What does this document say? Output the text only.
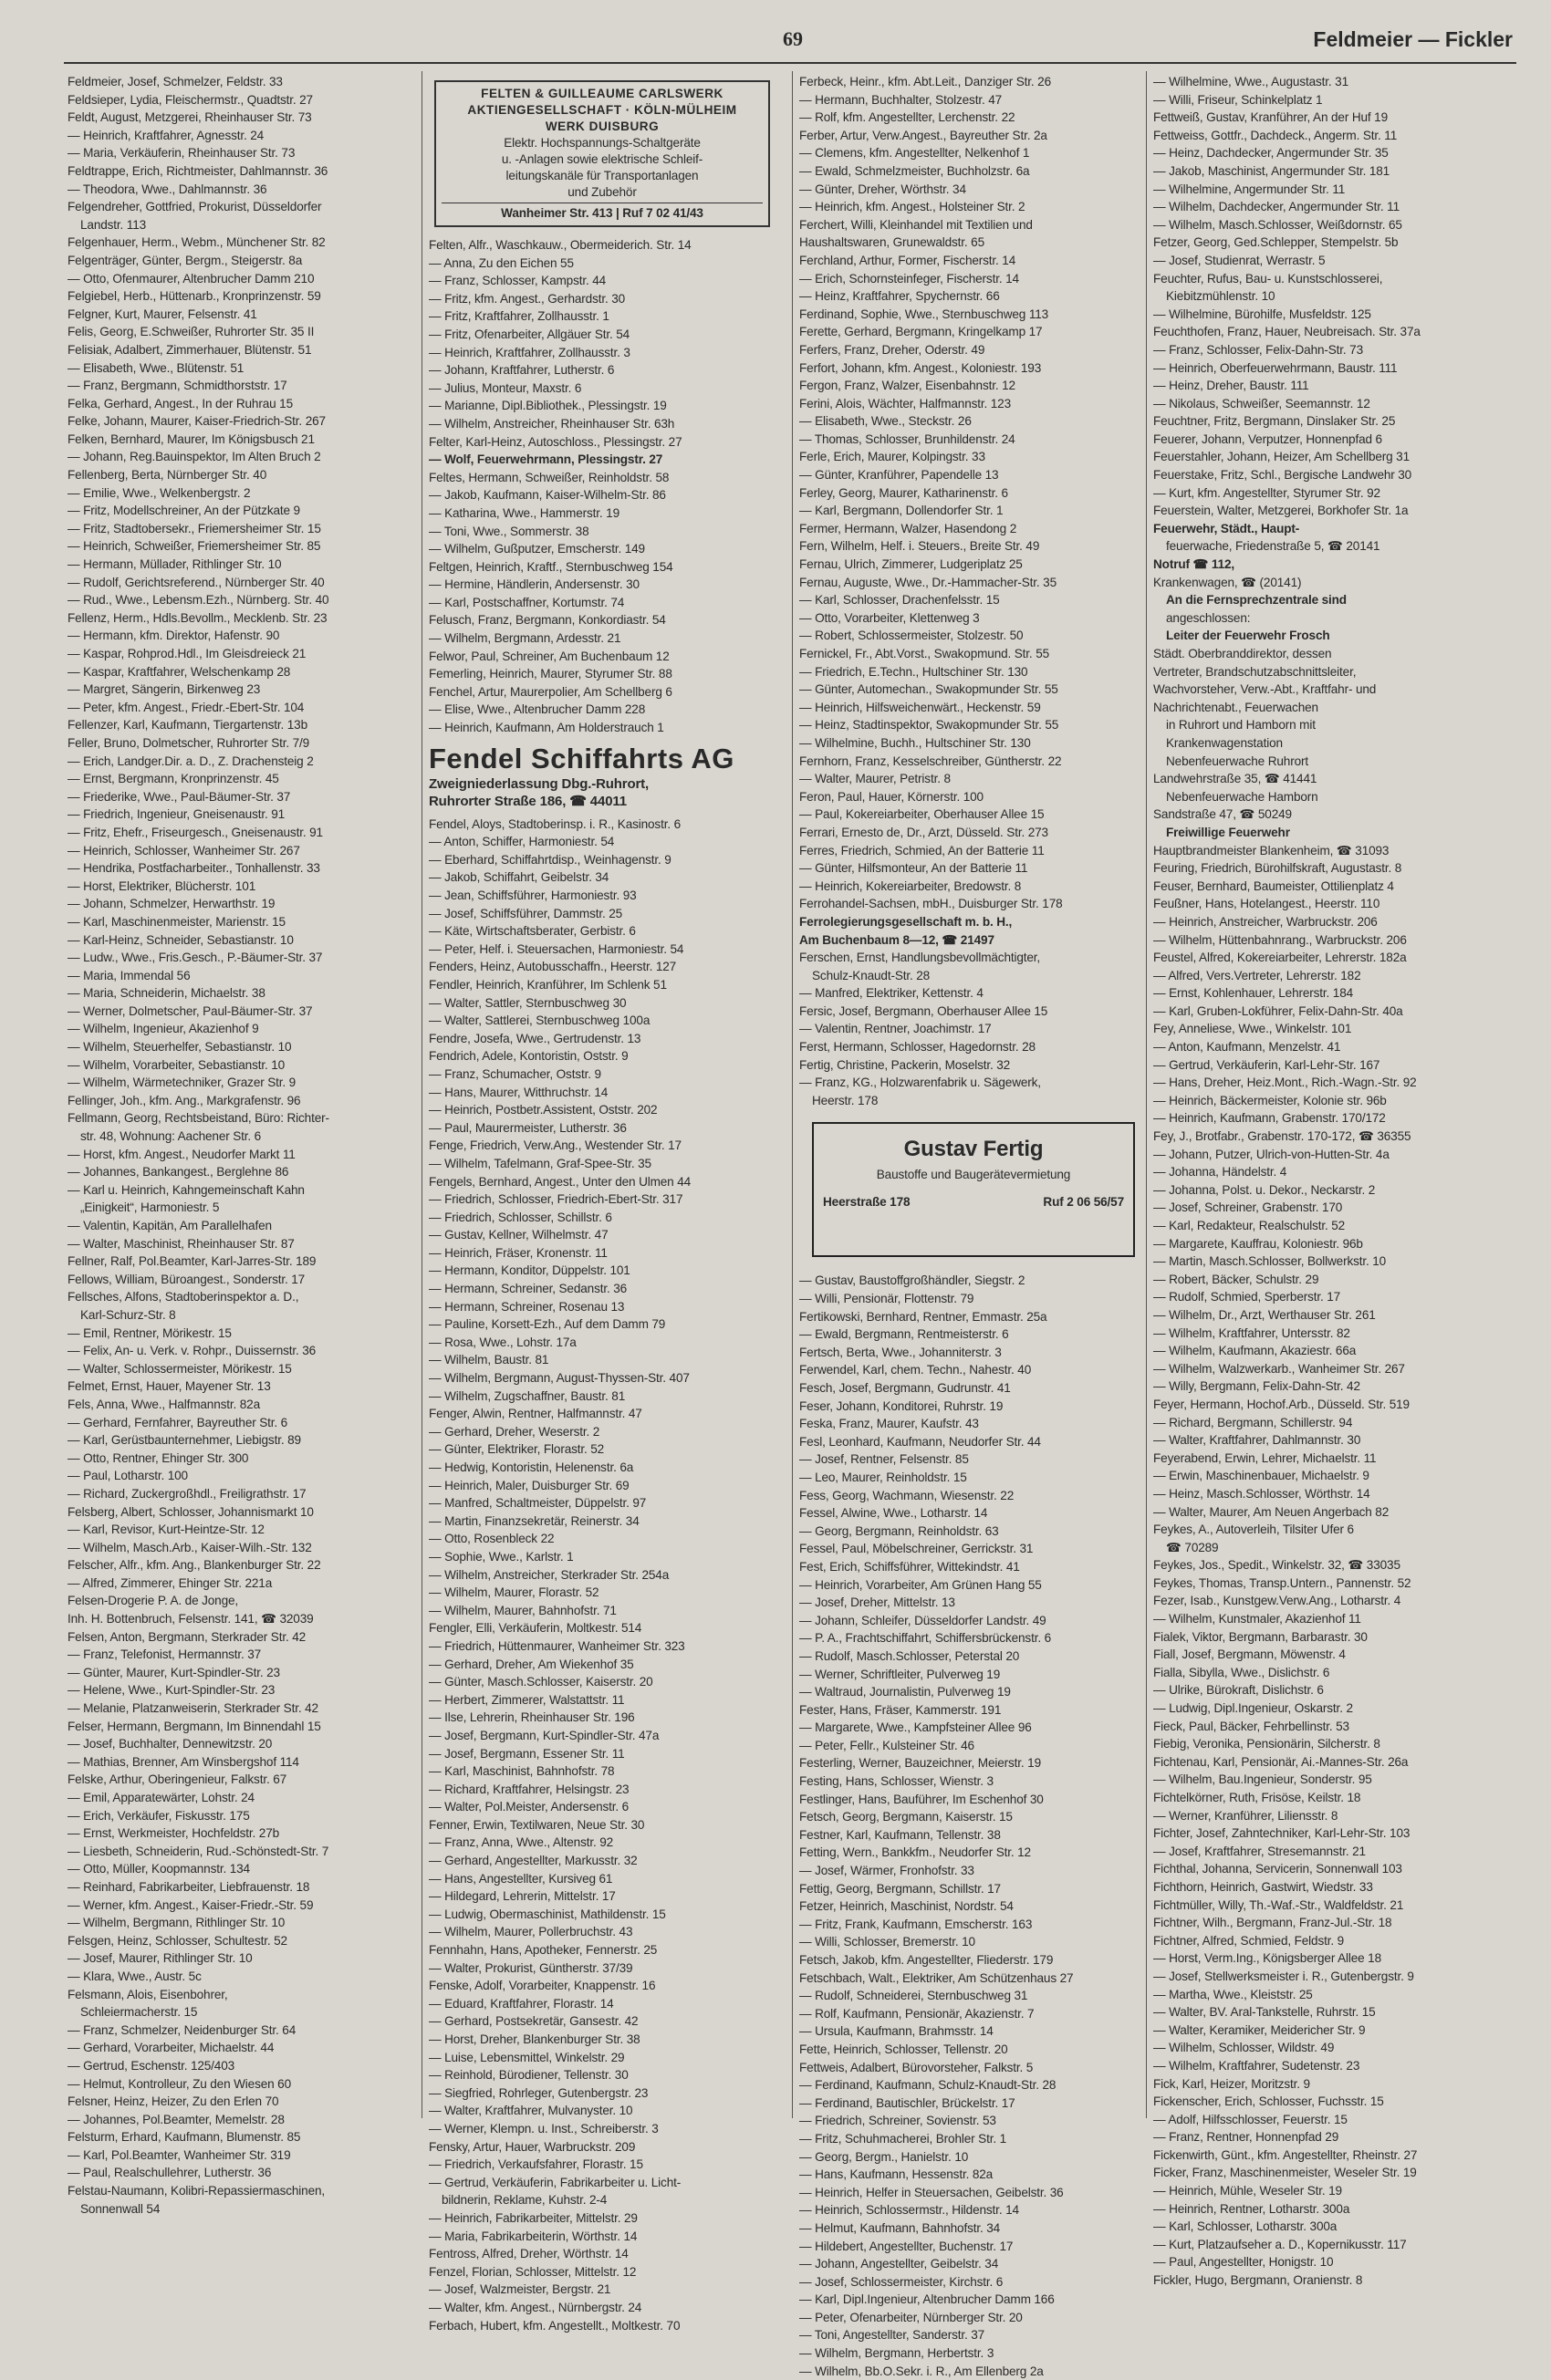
69	Feldmeier — Fickler
Feldmeier, Josef, Schmelzer, Feldstr. 33
Feldsieper, Lydia, Fleischermstr., Quadtstr. 27
Feldt, August, Metzgerei, Rheinhauser Str. 73
— Heinrich, Kraftfahrer, Agnesstr. 24
— Maria, Verkäuferin, Rheinhauser Str. 73
Feldtrappe, Erich, Richtmeister, Dahlmannstr. 36
— Theodora, Wwe., Dahlmannstr. 36
Felgendreher, Gottfried, Prokurist, Düsseldorfer
Landstr. 113
Felgenhauer, Herm., Webm., Münchener Str. 82
Felgenträger, Günter, Bergm., Steigerstr. 8a
— Otto, Ofenmaurer, Altenbrucher Damm 210
Felgiebel, Herb., Hüttenarb., Kronprinzenstr. 59
Felgner, Kurt, Maurer, Felsenstr. 41
Felis, Georg, E.Schweißer, Ruhrorter Str. 35 II
Felisiak, Adalbert, Zimmerhauer, Blütenstr. 51
— Elisabeth, Wwe., Blütenstr. 51
— Franz, Bergmann, Schmidthorststr. 17
Felka, Gerhard, Angest., In der Ruhrau 15
Felke, Johann, Maurer, Kaiser-Friedrich-Str. 267
Felken, Bernhard, Maurer, Im Königsbusch 21
— Johann, Reg.Bauinspektor, Im Alten Bruch 2
Fellenberg, Berta, Nürnberger Str. 40
— Emilie, Wwe., Welkenbergstr. 2
— Fritz, Modellschreiner, An der Pützkate 9
— Fritz, Stadtobersekr., Friemersheimer Str. 15
— Heinrich, Schweißer, Friemersheimer Str. 85
— Hermann, Müllader, Rithlinger Str. 10
— Rudolf, Gerichtsreferend., Nürnberger Str. 40
— Rud., Wwe., Lebensm.Ezh., Nürnberg. Str. 40
Fellenz, Herm., Hdls.Bevollm., Mecklenb. Str. 23
— Hermann, kfm. Direktor, Hafenstr. 90
— Kaspar, Rohprod.Hdl., Im Gleisdreieck 21
— Kaspar, Kraftfahrer, Welschenkamp 28
— Margret, Sängerin, Birkenweg 23
— Peter, kfm. Angest., Friedr.-Ebert-Str. 104
Fellenzer, Karl, Kaufmann, Tiergartenstr. 13b
Feller, Bruno, Dolmetscher, Ruhrorter Str. 7/9
— Erich, Landger.Dir. a. D., Z. Drachensteig 2
— Ernst, Bergmann, Kronprinzenstr. 45
— Friederike, Wwe., Paul-Bäumer-Str. 37
— Friedrich, Ingenieur, Gneisenaustr. 91
— Fritz, Ehefr., Friseurgesch., Gneisenaustr. 91
— Heinrich, Schlosser, Wanheimer Str. 267
— Hendrika, Postfacharbeiter., Tonhallenstr. 33
— Horst, Elektriker, Blücherstr. 101
— Johann, Schmelzer, Herwarthstr. 19
— Karl, Maschinenmeister, Marienstr. 15
— Karl-Heinz, Schneider, Sebastianstr. 10
— Ludw., Wwe., Fris.Gesch., P.-Bäumer-Str. 37
— Maria, Immendal 56
— Maria, Schneiderin, Michaelstr. 38
— Werner, Dolmetscher, Paul-Bäumer-Str. 37
— Wilhelm, Ingenieur, Akazienhof 9
— Wilhelm, Steuerhelfer, Sebastianstr. 10
— Wilhelm, Vorarbeiter, Sebastianstr. 10
— Wilhelm, Wärmetechniker, Grazer Str. 9
Fellinger, Joh., kfm. Ang., Markgrafenstr. 96
Fellmann, Georg, Rechtsbeistand, Büro: Richter-
str. 48, Wohnung: Aachener Str. 6
— Horst, kfm. Angest., Neudorfer Markt 11
— Johannes, Bankangest., Berglehne 86
— Karl u. Heinrich, Kahngemeinschaft Kahn
„Einigkeit“, Harmoniestr. 5
— Valentin, Kapitän, Am Parallelhafen
— Walter, Maschinist, Rheinhauser Str. 87
Fellner, Ralf, Pol.Beamter, Karl-Jarres-Str. 189
Fellows, William, Büroangest., Sonderstr. 17
Fellsches, Alfons, Stadtoberinspektor a. D.,
Karl-Schurz-Str. 8
— Emil, Rentner, Mörikestr. 15
— Felix, An- u. Verk. v. Rohpr., Duissernstr. 36
— Walter, Schlossermeister, Mörikestr. 15
Felmet, Ernst, Hauer, Mayener Str. 13
Fels, Anna, Wwe., Halfmannstr. 82a
— Gerhard, Fernfahrer, Bayreuther Str. 6
— Karl, Gerüstbaunternehmer, Liebigstr. 89
— Otto, Rentner, Ehinger Str. 300
— Paul, Lotharstr. 100
— Richard, Zuckergroßhdl., Freiligrathstr. 17
Felsberg, Albert, Schlosser, Johannismarkt 10
— Karl, Revisor, Kurt-Heintze-Str. 12
— Wilhelm, Masch.Arb., Kaiser-Wilh.-Str. 132
Felscher, Alfr., kfm. Ang., Blankenburger Str. 22
— Alfred, Zimmerer, Ehinger Str. 221a
Felsen-Drogerie P. A. de Jonge,
Inh. H. Bottenbruch, Felsenstr. 141, ☎ 32039
Felsen, Anton, Bergmann, Sterkrader Str. 42
— Franz, Telefonist, Hermannstr. 37
— Günter, Maurer, Kurt-Spindler-Str. 23
— Helene, Wwe., Kurt-Spindler-Str. 23
— Melanie, Platzanweiserin, Sterkrader Str. 42
Felser, Hermann, Bergmann, Im Binnendahl 15
— Josef, Buchhalter, Dennewitzstr. 20
— Mathias, Brenner, Am Winsbergshof 114
Felske, Arthur, Oberingenieur, Falkstr. 67
— Emil, Apparatewärter, Lohstr. 24
— Erich, Verkäufer, Fiskusstr. 175
— Ernst, Werkmeister, Hochfeldstr. 27b
— Liesbeth, Schneiderin, Rud.-Schönstedt-Str. 7
— Otto, Müller, Koopmannstr. 134
— Reinhard, Fabrikarbeiter, Liebfrauenstr. 18
— Werner, kfm. Angest., Kaiser-Friedr.-Str. 59
— Wilhelm, Bergmann, Rithlinger Str. 10
Felsgen, Heinz, Schlosser, Schultestr. 52
— Josef, Maurer, Rithlinger Str. 10
— Klara, Wwe., Austr. 5c
Felsmann, Alois, Eisenbohrer,
Schleiermacherstr. 15
— Franz, Schmelzer, Neidenburger Str. 64
— Gerhard, Vorarbeiter, Michaelstr. 44
— Gertrud, Eschenstr. 125/403
— Helmut, Kontrolleur, Zu den Wiesen 60
Felsner, Heinz, Heizer, Zu den Erlen 70
— Johannes, Pol.Beamter, Memelstr. 28
Felsturm, Erhard, Kaufmann, Blumenstr. 85
— Karl, Pol.Beamter, Wanheimer Str. 319
— Paul, Realschullehrer, Lutherstr. 36
Felstau-Naumann, Kolibri-Repassiermaschinen,
Sonnenwall 54
FELTEN & GUILLEAUME CARLSWERK
AKTIENGESELLSCHAFT · KÖLN-MÜLHEIM
WERK DUISBURG
Elektr. Hochspannungs-Schaltgeräte
u. -Anlagen sowie elektrische Schleif-
leitungskanäle für Transportanlagen
und Zubehör
Wanheimer Str. 413 | Ruf 7 02 41/43
Felten, Alfr., Waschkauw., Obermeiderich. Str. 14
— Anna, Zu den Eichen 55
— Franz, Schlosser, Kampstr. 44
— Fritz, kfm. Angest., Gerhardstr. 30
— Fritz, Kraftfahrer, Zollhausstr. 1
— Fritz, Ofenarbeiter, Allgäuer Str. 54
— Heinrich, Kraftfahrer, Zollhausstr. 3
— Johann, Kraftfahrer, Lutherstr. 6
— Julius, Monteur, Maxstr. 6
— Marianne, Dipl.Bibliothek., Plessingstr. 19
— Wilhelm, Anstreicher, Rheinhauser Str. 63h
Felter, Karl-Heinz, Autoschloss., Plessingstr. 27
— Wolf, Feuerwehrmann, Plessingstr. 27
Feltes, Hermann, Schweißer, Reinholdstr. 58
— Jakob, Kaufmann, Kaiser-Wilhelm-Str. 86
— Katharina, Wwe., Hammerstr. 19
— Toni, Wwe., Sommerstr. 38
— Wilhelm, Gußputzer, Emscherstr. 149
Feltgen, Heinrich, Kraftf., Sternbuschweg 154
— Hermine, Händlerin, Andersenstr. 30
— Karl, Postschaffner, Kortumstr. 74
Felusch, Franz, Bergmann, Konkordiastr. 54
— Wilhelm, Bergmann, Ardesstr. 21
Felwor, Paul, Schreiner, Am Buchenbaum 12
Femerling, Heinrich, Maurer, Styrumer Str. 88
Fenchel, Artur, Maurerpolier, Am Schellberg 6
— Elise, Wwe., Altenbrucher Damm 228
— Heinrich, Kaufmann, Am Holderstrauch 1
Fendel Schiffahrts AG
Zweigniederlassung Dbg.-Ruhrort,
Ruhrorter Straße 186, ☎ 44011
Fendel, Aloys, Stadtoberinsp. i. R., Kasinostr. 6
— Anton, Schiffer, Harmoniestr. 54
— Eberhard, Schiffahrtdisp., Weinhagenstr. 9
— Jakob, Schiffahrt, Geibelstr. 34
— Jean, Schiffsführer, Harmoniestr. 93
— Josef, Schiffsführer, Dammstr. 25
— Käte, Wirtschaftsberater, Gerbistr. 6
— Peter, Helf. i. Steuersachen, Harmoniestr. 54
Fenders, Heinz, Autobusschaffn., Heerstr. 127
Fendler, Heinrich, Kranführer, Im Schlenk 51
— Walter, Sattler, Sternbuschweg 30
— Walter, Sattlerei, Sternbuschweg 100a
Fendre, Josefa, Wwe., Gertrudenstr. 13
Fendrich, Adele, Kontoristin, Oststr. 9
— Franz, Schumacher, Oststr. 9
— Hans, Maurer, Witthruchstr. 14
— Heinrich, Postbetr.Assistent, Oststr. 202
— Paul, Maurermeister, Lutherstr. 36
Fenge, Friedrich, Verw.Ang., Westender Str. 17
— Wilhelm, Tafelmann, Graf-Spee-Str. 35
Fengels, Bernhard, Angest., Unter den Ulmen 44
— Friedrich, Schlosser, Friedrich-Ebert-Str. 317
— Friedrich, Schlosser, Schillstr. 6
— Gustav, Kellner, Wilhelmstr. 47
— Heinrich, Fräser, Kronenstr. 11
— Hermann, Konditor, Düppelstr. 101
— Hermann, Schreiner, Sedanstr. 36
— Hermann, Schreiner, Rosenau 13
— Pauline, Korsett-Ezh., Auf dem Damm 79
— Rosa, Wwe., Lohstr. 17a
— Wilhelm, Baustr. 81
— Wilhelm, Bergmann, August-Thyssen-Str. 407
— Wilhelm, Zugschaffner, Baustr. 81
Fenger, Alwin, Rentner, Halfmannstr. 47
— Gerhard, Dreher, Weserstr. 2
— Günter, Elektriker, Florastr. 52
— Hedwig, Kontoristin, Helenenstr. 6a
— Heinrich, Maler, Duisburger Str. 69
— Manfred, Schaltmeister, Düppelstr. 97
— Martin, Finanzsekretär, Reinerstr. 34
— Otto, Rosenbleck 22
— Sophie, Wwe., Karlstr. 1
— Wilhelm, Anstreicher, Sterkrader Str. 254a
— Wilhelm, Maurer, Florastr. 52
— Wilhelm, Maurer, Bahnhofstr. 71
Fengler, Elli, Verkäuferin, Moltkestr. 514
— Friedrich, Hüttenmaurer, Wanheimer Str. 323
— Gerhard, Dreher, Am Wiekenhof 35
— Günter, Masch.Schlosser, Kaiserstr. 20
— Herbert, Zimmerer, Walstattstr. 11
— Ilse, Lehrerin, Rheinhauser Str. 196
— Josef, Bergmann, Kurt-Spindler-Str. 47a
— Josef, Bergmann, Essener Str. 11
— Karl, Maschinist, Bahnhofstr. 78
— Richard, Kraftfahrer, Helsingstr. 23
— Walter, Pol.Meister, Andersenstr. 6
Fenner, Erwin, Textilwaren, Neue Str. 30
— Franz, Anna, Wwe., Altenstr. 92
— Gerhard, Angestellter, Markusstr. 32
— Hans, Angestellter, Kursiveg 61
— Hildegard, Lehrerin, Mittelstr. 17
— Ludwig, Obermaschinist, Mathildenstr. 15
— Wilhelm, Maurer, Pollerbruchstr. 43
Fennhahn, Hans, Apotheker, Fennerstr. 25
— Walter, Prokurist, Güntherstr. 37/39
Fenske, Adolf, Vorarbeiter, Knappenstr. 16
— Eduard, Kraftfahrer, Florastr. 14
— Gerhard, Postsekretär, Gansestr. 42
— Horst, Dreher, Blankenburger Str. 38
— Luise, Lebensmittel, Winkelstr. 29
— Reinhold, Bürodiener, Tellenstr. 30
— Siegfried, Rohrleger, Gutenbergstr. 23
— Walter, Kraftfahrer, Mulvanyster. 10
— Werner, Klempn. u. Inst., Schreiberstr. 3
Fensky, Artur, Hauer, Warbruckstr. 209
— Friedrich, Verkaufsfahrer, Florastr. 15
— Gertrud, Verkäuferin, Fabrikarbeiter u. Licht-
bildnerin, Reklame, Kuhstr. 2-4
— Heinrich, Fabrikarbeiter, Mittelstr. 29
— Maria, Fabrikarbeiterin, Wörthstr. 14
Fentross, Alfred, Dreher, Wörthstr. 14
Fenzel, Florian, Schlosser, Mittelstr. 12
— Josef, Walzmeister, Bergstr. 21
— Walter, kfm. Angest., Nürnbergstr. 24
Ferbach, Hubert, kfm. Angestellt., Moltkestr. 70
Ferbeck, Heinr., kfm. Abt.Leit., Danziger Str. 26
— Hermann, Buchhalter, Stolzestr. 47
— Rolf, kfm. Angestellter, Lerchenstr. 22
Ferber, Artur, Verw.Angest., Bayreuther Str. 2a
— Clemens, kfm. Angestellter, Nelkenhof 1
— Ewald, Schmelzmeister, Buchholzstr. 6a
— Günter, Dreher, Wörthstr. 34
— Heinrich, kfm. Angest., Holsteiner Str. 2
Ferchert, Willi, Kleinhandel mit Textilien und
Haushaltswaren, Grunewaldstr. 65
Ferchland, Arthur, Former, Fischerstr. 14
— Erich, Schornsteinfeger, Fischerstr. 14
— Heinz, Kraftfahrer, Spychernstr. 66
Ferdinand, Sophie, Wwe., Sternbuschweg 113
Ferette, Gerhard, Bergmann, Kringelkamp 17
Ferfers, Franz, Dreher, Oderstr. 49
Ferfort, Johann, kfm. Angest., Koloniestr. 193
Fergon, Franz, Walzer, Eisenbahnstr. 12
Ferini, Alois, Wächter, Halfmannstr. 123
— Elisabeth, Wwe., Steckstr. 26
— Thomas, Schlosser, Brunhildenstr. 24
Ferle, Erich, Maurer, Kolpingstr. 33
— Günter, Kranführer, Papendelle 13
Ferley, Georg, Maurer, Katharinenstr. 6
— Karl, Bergmann, Dollendorfer Str. 1
Fermer, Hermann, Walzer, Hasendong 2
Fern, Wilhelm, Helf. i. Steuers., Breite Str. 49
Fernau, Ulrich, Zimmerer, Ludgeriplatz 25
Fernau, Auguste, Wwe., Dr.-Hammacher-Str. 35
— Karl, Schlosser, Drachenfelsstr. 15
— Otto, Vorarbeiter, Klettenweg 3
— Robert, Schlossermeister, Stolzestr. 50
Fernickel, Fr., Abt.Vorst., Swakopmund. Str. 55
— Friedrich, E.Techn., Hultschiner Str. 130
— Günter, Automechan., Swakopmunder Str. 55
— Heinrich, Hilfsweichenwärt., Heckenstr. 59
— Heinz, Stadtinspektor, Swakopmunder Str. 55
— Wilhelmine, Buchh., Hultschiner Str. 130
Fernhorn, Franz, Kesselschreiber, Güntherstr. 22
— Walter, Maurer, Petristr. 8
Feron, Paul, Hauer, Körnerstr. 100
— Paul, Kokereiarbeiter, Oberhauser Allee 15
Ferrari, Ernesto de, Dr., Arzt, Düsseld. Str. 273
Ferres, Friedrich, Schmied, An der Batterie 11
— Günter, Hilfsmonteur, An der Batterie 11
— Heinrich, Kokereiarbeiter, Bredowstr. 8
Ferrohandel-Sachsen, mbH., Duisburger Str. 178
Ferrolegierungsgesellschaft m. b. H.,
Am Buchenbaum 8—12, ☎ 21497
Ferschen, Ernst, Handlungsbevollmächtigter,
Schulz-Knaudt-Str. 28
— Manfred, Elektriker, Kettenstr. 4
Fersic, Josef, Bergmann, Oberhauser Allee 15
— Valentin, Rentner, Joachimstr. 17
Ferst, Hermann, Schlosser, Hagedornstr. 28
Fertig, Christine, Packerin, Moselstr. 32
— Franz, KG., Holzwarenfabrik u. Sägewerk,
Heerstr. 178
Gustav Fertig
Baustoffe und Baugerätevermietung
Heerstraße 178	Ruf 2 06 56/57
— Gustav, Baustoffgroßhändler, Siegstr. 2
— Willi, Pensionär, Flottenstr. 79
Fertikowski, Bernhard, Rentner, Emmastr. 25a
— Ewald, Bergmann, Rentmeisterstr. 6
Fertsch, Berta, Wwe., Johanniterstr. 3
Ferwendel, Karl, chem. Techn., Nahestr. 40
Fesch, Josef, Bergmann, Gudrunstr. 41
Feser, Johann, Konditorei, Ruhrstr. 19
Feska, Franz, Maurer, Kaufstr. 43
Fesl, Leonhard, Kaufmann, Neudorfer Str. 44
— Josef, Rentner, Felsenstr. 85
— Leo, Maurer, Reinholdstr. 15
Fess, Georg, Wachmann, Wiesenstr. 22
Fessel, Alwine, Wwe., Lotharstr. 14
— Georg, Bergmann, Reinholdstr. 63
Fessel, Paul, Möbelschreiner, Gerrickstr. 31
Fest, Erich, Schiffsführer, Wittekindstr. 41
— Heinrich, Vorarbeiter, Am Grünen Hang 55
— Josef, Dreher, Mittelstr. 13
— Johann, Schleifer, Düsseldorfer Landstr. 49
— P. A., Frachtschiffahrt, Schiffersbrückenstr. 6
— Rudolf, Masch.Schlosser, Peterstal 20
— Werner, Schriftleiter, Pulverweg 19
— Waltraud, Journalistin, Pulverweg 19
Fester, Hans, Fräser, Kammerstr. 191
— Margarete, Wwe., Kampfsteiner Allee 96
— Peter, Fellr., Kulsteiner Str. 46
Festerling, Werner, Bauzeichner, Meierstr. 19
Festing, Hans, Schlosser, Wienstr. 3
Festlinger, Hans, Bauführer, Im Eschenhof 30
Fetsch, Georg, Bergmann, Kaiserstr. 15
Festner, Karl, Kaufmann, Tellenstr. 38
Fetting, Wern., Bankkfm., Neudorfer Str. 12
— Josef, Wärmer, Fronhofstr. 33
Fettig, Georg, Bergmann, Schillstr. 17
Fetzer, Heinrich, Maschinist, Nordstr. 54
— Fritz, Frank, Kaufmann, Emscherstr. 163
— Willi, Schlosser, Bremerstr. 10
Fetsch, Jakob, kfm. Angestellter, Fliederstr. 179
Fetschbach, Walt., Elektriker, Am Schützenhaus 27
— Rudolf, Schneiderei, Sternbuschweg 31
— Rolf, Kaufmann, Pensionär, Akazienstr. 7
— Ursula, Kaufmann, Brahmsstr. 14
Fette, Heinrich, Schlosser, Tellenstr. 20
Fettweis, Adalbert, Bürovorsteher, Falkstr. 5
— Ferdinand, Kaufmann, Schulz-Knaudt-Str. 28
— Ferdinand, Bautischler, Brückelstr. 17
— Friedrich, Schreiner, Sovienstr. 53
— Fritz, Schuhmacherei, Brohler Str. 1
— Georg, Bergm., Hanielstr. 10
— Hans, Kaufmann, Hessenstr. 82a
— Heinrich, Helfer in Steuersachen, Geibelstr. 36
— Heinrich, Schlossermstr., Hildenstr. 14
— Helmut, Kaufmann, Bahnhofstr. 34
— Hildebert, Angestellter, Buchenstr. 17
— Johann, Angestellter, Geibelstr. 34
— Josef, Schlossermeister, Kirchstr. 6
— Karl, Dipl.Ingenieur, Altenbrucher Damm 166
— Peter, Ofenarbeiter, Nürnberger Str. 20
— Toni, Angestellter, Sanderstr. 37
— Wilhelm, Bergmann, Herbertstr. 3
— Wilhelm, Bb.O.Sekr. i. R., Am Ellenberg 2a
— Wilhelmine, Wwe., Augustastr. 31
— Willi, Friseur, Schinkelplatz 1
Fettweiß, Gustav, Kranführer, An der Huf 19
Fettweiss, Gottfr., Dachdeck., Angerm. Str. 11
— Heinz, Dachdecker, Angermunder Str. 35
— Jakob, Maschinist, Angermunder Str. 181
— Wilhelmine, Angermunder Str. 11
— Wilhelm, Dachdecker, Angermunder Str. 11
— Wilhelm, Masch.Schlosser, Weißdornstr. 65
Fetzer, Georg, Ged.Schlepper, Stempelstr. 5b
— Josef, Studienrat, Werrastr. 5
Feuchter, Rufus, Bau- u. Kunstschlosserei,
Kiebitzmühlenstr. 10
— Wilhelmine, Bürohilfe, Musfeldstr. 125
Feuchthofen, Franz, Hauer, Neubreisach. Str. 37a
— Franz, Schlosser, Felix-Dahn-Str. 73
— Heinrich, Oberfeuerwehrmann, Baustr. 111
— Heinz, Dreher, Baustr. 111
— Nikolaus, Schweißer, Seemannstr. 12
Feuchtner, Fritz, Bergmann, Dinslaker Str. 25
Feuerer, Johann, Verputzer, Honnenpfad 6
Feuerstahler, Johann, Heizer, Am Schellberg 31
Feuerstake, Fritz, Schl., Bergische Landwehr 30
— Kurt, kfm. Angestellter, Styrumer Str. 92
Feuerstein, Walter, Metzgerei, Borkhofer Str. 1a
Feuerwehr, Städt., Haupt-
feuerwache, Friedenstraße 5, ☎ 20141
Notruf ☎ 112,
Krankenwagen, ☎ (20141)
An die Fernsprechzentrale sind
angeschlossen:
Leiter der Feuerwehr Frosch
Städt. Oberbranddirektor, dessen
Vertreter, Brandschutzabschnittsleiter,
Wachvorsteher, Verw.-Abt., Kraftfahr- und
Nachrichtenabt., Feuerwachen
in Ruhrort und Hamborn mit
Krankenwagenstation
Nebenfeuerwache Ruhrort
Landwehrstraße 35, ☎ 41441
Nebenfeuerwache Hamborn
Sandstraße 47, ☎ 50249
Freiwillige Feuerwehr
Hauptbrandmeister Blankenheim, ☎ 31093
Feuring, Friedrich, Bürohilfskraft, Augustastr. 8
Feuser, Bernhard, Baumeister, Ottilienplatz 4
Feußner, Hans, Hotelangest., Heerstr. 110
— Heinrich, Anstreicher, Warbruckstr. 206
— Wilhelm, Hüttenbahnrang., Warbruckstr. 206
Feustel, Alfred, Kokereiarbeiter, Lehrerstr. 182a
— Alfred, Vers.Vertreter, Lehrerstr. 182
— Ernst, Kohlenhauer, Lehrerstr. 184
— Karl, Gruben-Lokführer, Felix-Dahn-Str. 40a
Fey, Anneliese, Wwe., Winkelstr. 101
— Anton, Kaufmann, Menzelstr. 41
— Gertrud, Verkäuferin, Karl-Lehr-Str. 167
— Hans, Dreher, Heiz.Mont., Rich.-Wagn.-Str. 92
— Heinrich, Bäckermeister, Kolonie str. 96b
— Heinrich, Kaufmann, Grabenstr. 170/172
Fey, J., Brotfabr., Grabenstr. 170-172, ☎ 36355
— Johann, Putzer, Ulrich-von-Hutten-Str. 4a
— Johanna, Händelstr. 4
— Johanna, Polst. u. Dekor., Neckarstr. 2
— Josef, Schreiner, Grabenstr. 170
— Karl, Redakteur, Realschulstr. 52
— Margarete, Kauffrau, Koloniestr. 96b
— Martin, Masch.Schlosser, Bollwerkstr. 10
— Robert, Bäcker, Schulstr. 29
— Rudolf, Schmied, Sperberstr. 17
— Wilhelm, Dr., Arzt, Werthauser Str. 261
— Wilhelm, Kraftfahrer, Untersstr. 82
— Wilhelm, Kaufmann, Akaziestr. 66a
— Wilhelm, Walzwerkarb., Wanheimer Str. 267
— Willy, Bergmann, Felix-Dahn-Str. 42
Feyer, Hermann, Hochof.Arb., Düsseld. Str. 519
— Richard, Bergmann, Schillerstr. 94
— Walter, Kraftfahrer, Dahlmannstr. 30
Feyerabend, Erwin, Lehrer, Michaelstr. 11
— Erwin, Maschinenbauer, Michaelstr. 9
— Heinz, Masch.Schlosser, Wörthstr. 14
— Walter, Maurer, Am Neuen Angerbach 82
Feykes, A., Autoverleih, Tilsiter Ufer 6
☎ 70289
Feykes, Jos., Spedit., Winkelstr. 32, ☎ 33035
Feykes, Thomas, Transp.Untern., Pannenstr. 52
Fezer, Isab., Kunstgew.Verw.Ang., Lotharstr. 4
— Wilhelm, Kunstmaler, Akazienhof 11
Fialek, Viktor, Bergmann, Barbarastr. 30
Fiall, Josef, Bergmann, Möwenstr. 4
Fialla, Sibylla, Wwe., Dislichstr. 6
— Ulrike, Bürokraft, Dislichstr. 6
— Ludwig, Dipl.Ingenieur, Oskarstr. 2
Fieck, Paul, Bäcker, Fehrbellinstr. 53
Fiebig, Veronika, Pensionärin, Silcherstr. 8
Fichtenau, Karl, Pensionär, Ai.-Mannes-Str. 26a
— Wilhelm, Bau.Ingenieur, Sonderstr. 95
Fichtelkörner, Ruth, Frisöse, Keilstr. 18
— Werner, Kranführer, Liliensstr. 8
Fichter, Josef, Zahntechniker, Karl-Lehr-Str. 103
— Josef, Kraftfahrer, Stresemannstr. 21
Fichthal, Johanna, Servicerin, Sonnenwall 103
Fichthorn, Heinrich, Gastwirt, Wiedstr. 33
Fichtmüller, Willy, Th.-Waf.-Str., Waldfeldstr. 21
Fichtner, Wilh., Bergmann, Franz-Jul.-Str. 18
Fichtner, Alfred, Schmied, Feldstr. 9
— Horst, Verm.Ing., Königsberger Allee 18
— Josef, Stellwerksmeister i. R., Gutenbergstr. 9
— Martha, Wwe., Kleiststr. 25
— Walter, BV. Aral-Tankstelle, Ruhrstr. 15
— Walter, Keramiker, Meidericher Str. 9
— Wilhelm, Schlosser, Wildstr. 49
— Wilhelm, Kraftfahrer, Sudetenstr. 23
Fick, Karl, Heizer, Moritzstr. 9
Fickenscher, Erich, Schlosser, Fuchsstr. 15
— Adolf, Hilfsschlosser, Feuerstr. 15
— Franz, Rentner, Honnenpfad 29
Fickenwirth, Günt., kfm. Angestellter, Rheinstr. 27
Ficker, Franz, Maschinenmeister, Weseler Str. 19
— Heinrich, Mühle, Weseler Str. 19
— Heinrich, Rentner, Lotharstr. 300a
— Karl, Schlosser, Lotharstr. 300a
— Kurt, Platzaufseher a. D., Kopernikusstr. 117
— Paul, Angestellter, Honigstr. 10
Fickler, Hugo, Bergmann, Oranienstr. 8
